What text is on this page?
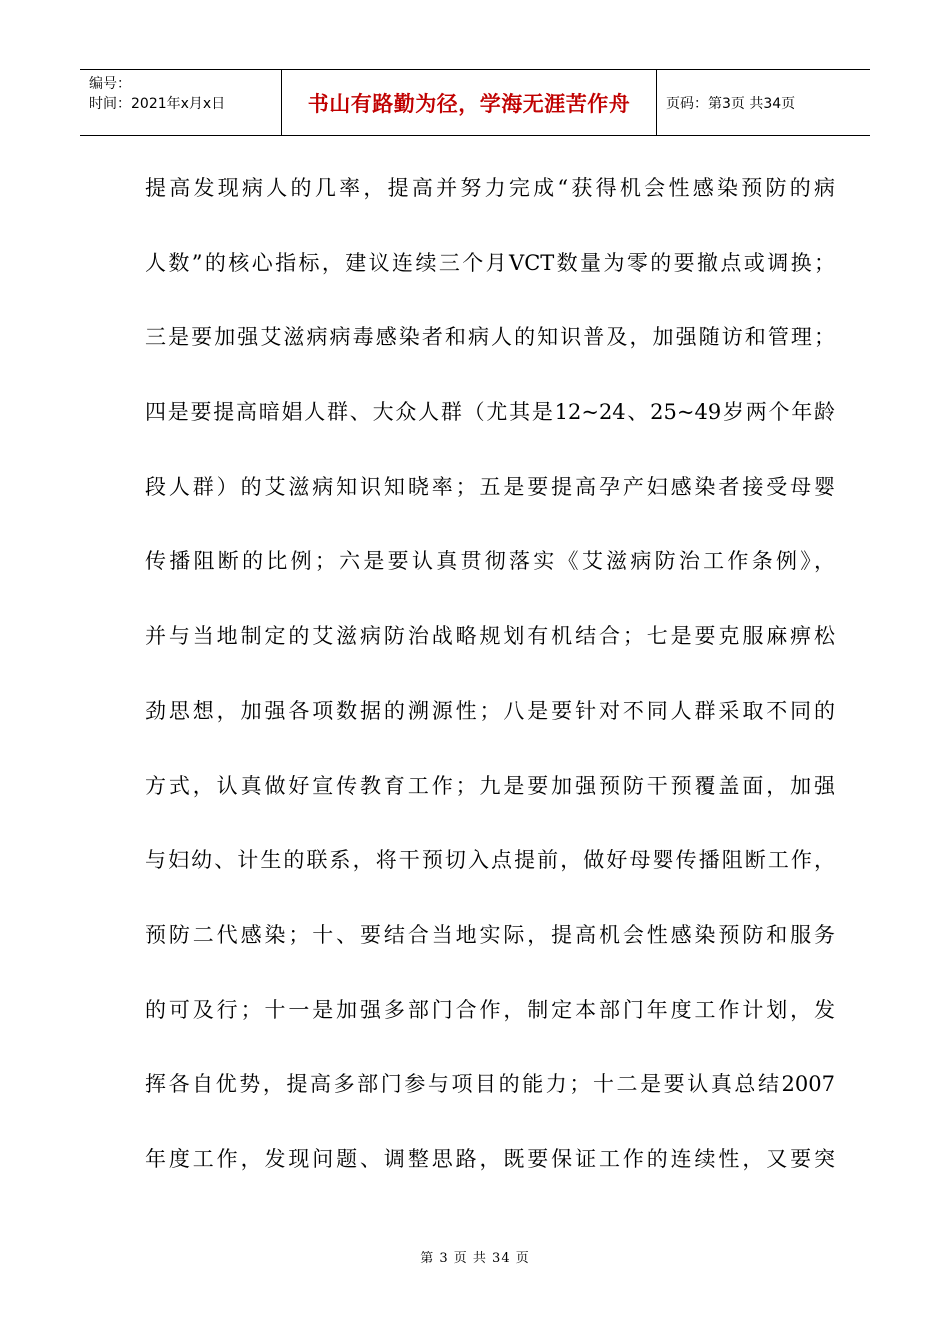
编号：
时间：2021年x月x日	书山有路勤为径，学海无涯苦作舟	页码：第3页 共34页
提高发现病人的几率，提高并努力完成“获得机会性感染预防的病
人数”的核心指标，建议连续三个月VCT数量为零的要撤点或调换；
三是要加强艾滋病病毒感染者和病人的知识普及，加强随访和管理；
四是要提高暗娼人群、大众人群（尤其是12~24、25~49岁两个年龄
段人群）的艾滋病知识知晓率；五是要提高孕产妇感染者接受母婴
传播阻断的比例；六是要认真贯彻落实《艾滋病防治工作条例》，
并与当地制定的艾滋病防治战略规划有机结合；七是要克服麻痹松
劲思想，加强各项数据的溯源性；八是要针对不同人群采取不同的
方式，认真做好宣传教育工作；九是要加强预防干预覆盖面，加强
与妇幼、计生的联系，将干预切入点提前，做好母婴传播阻断工作，
预防二代感染；十、要结合当地实际，提高机会性感染预防和服务
的可及行；十一是加强多部门合作，制定本部门年度工作计划，发
挥各自优势，提高多部门参与项目的能力；十二是要认真总结2007
年度工作，发现问题、调整思路，既要保证工作的连续性，又要突
第 3 页 共 34 页
